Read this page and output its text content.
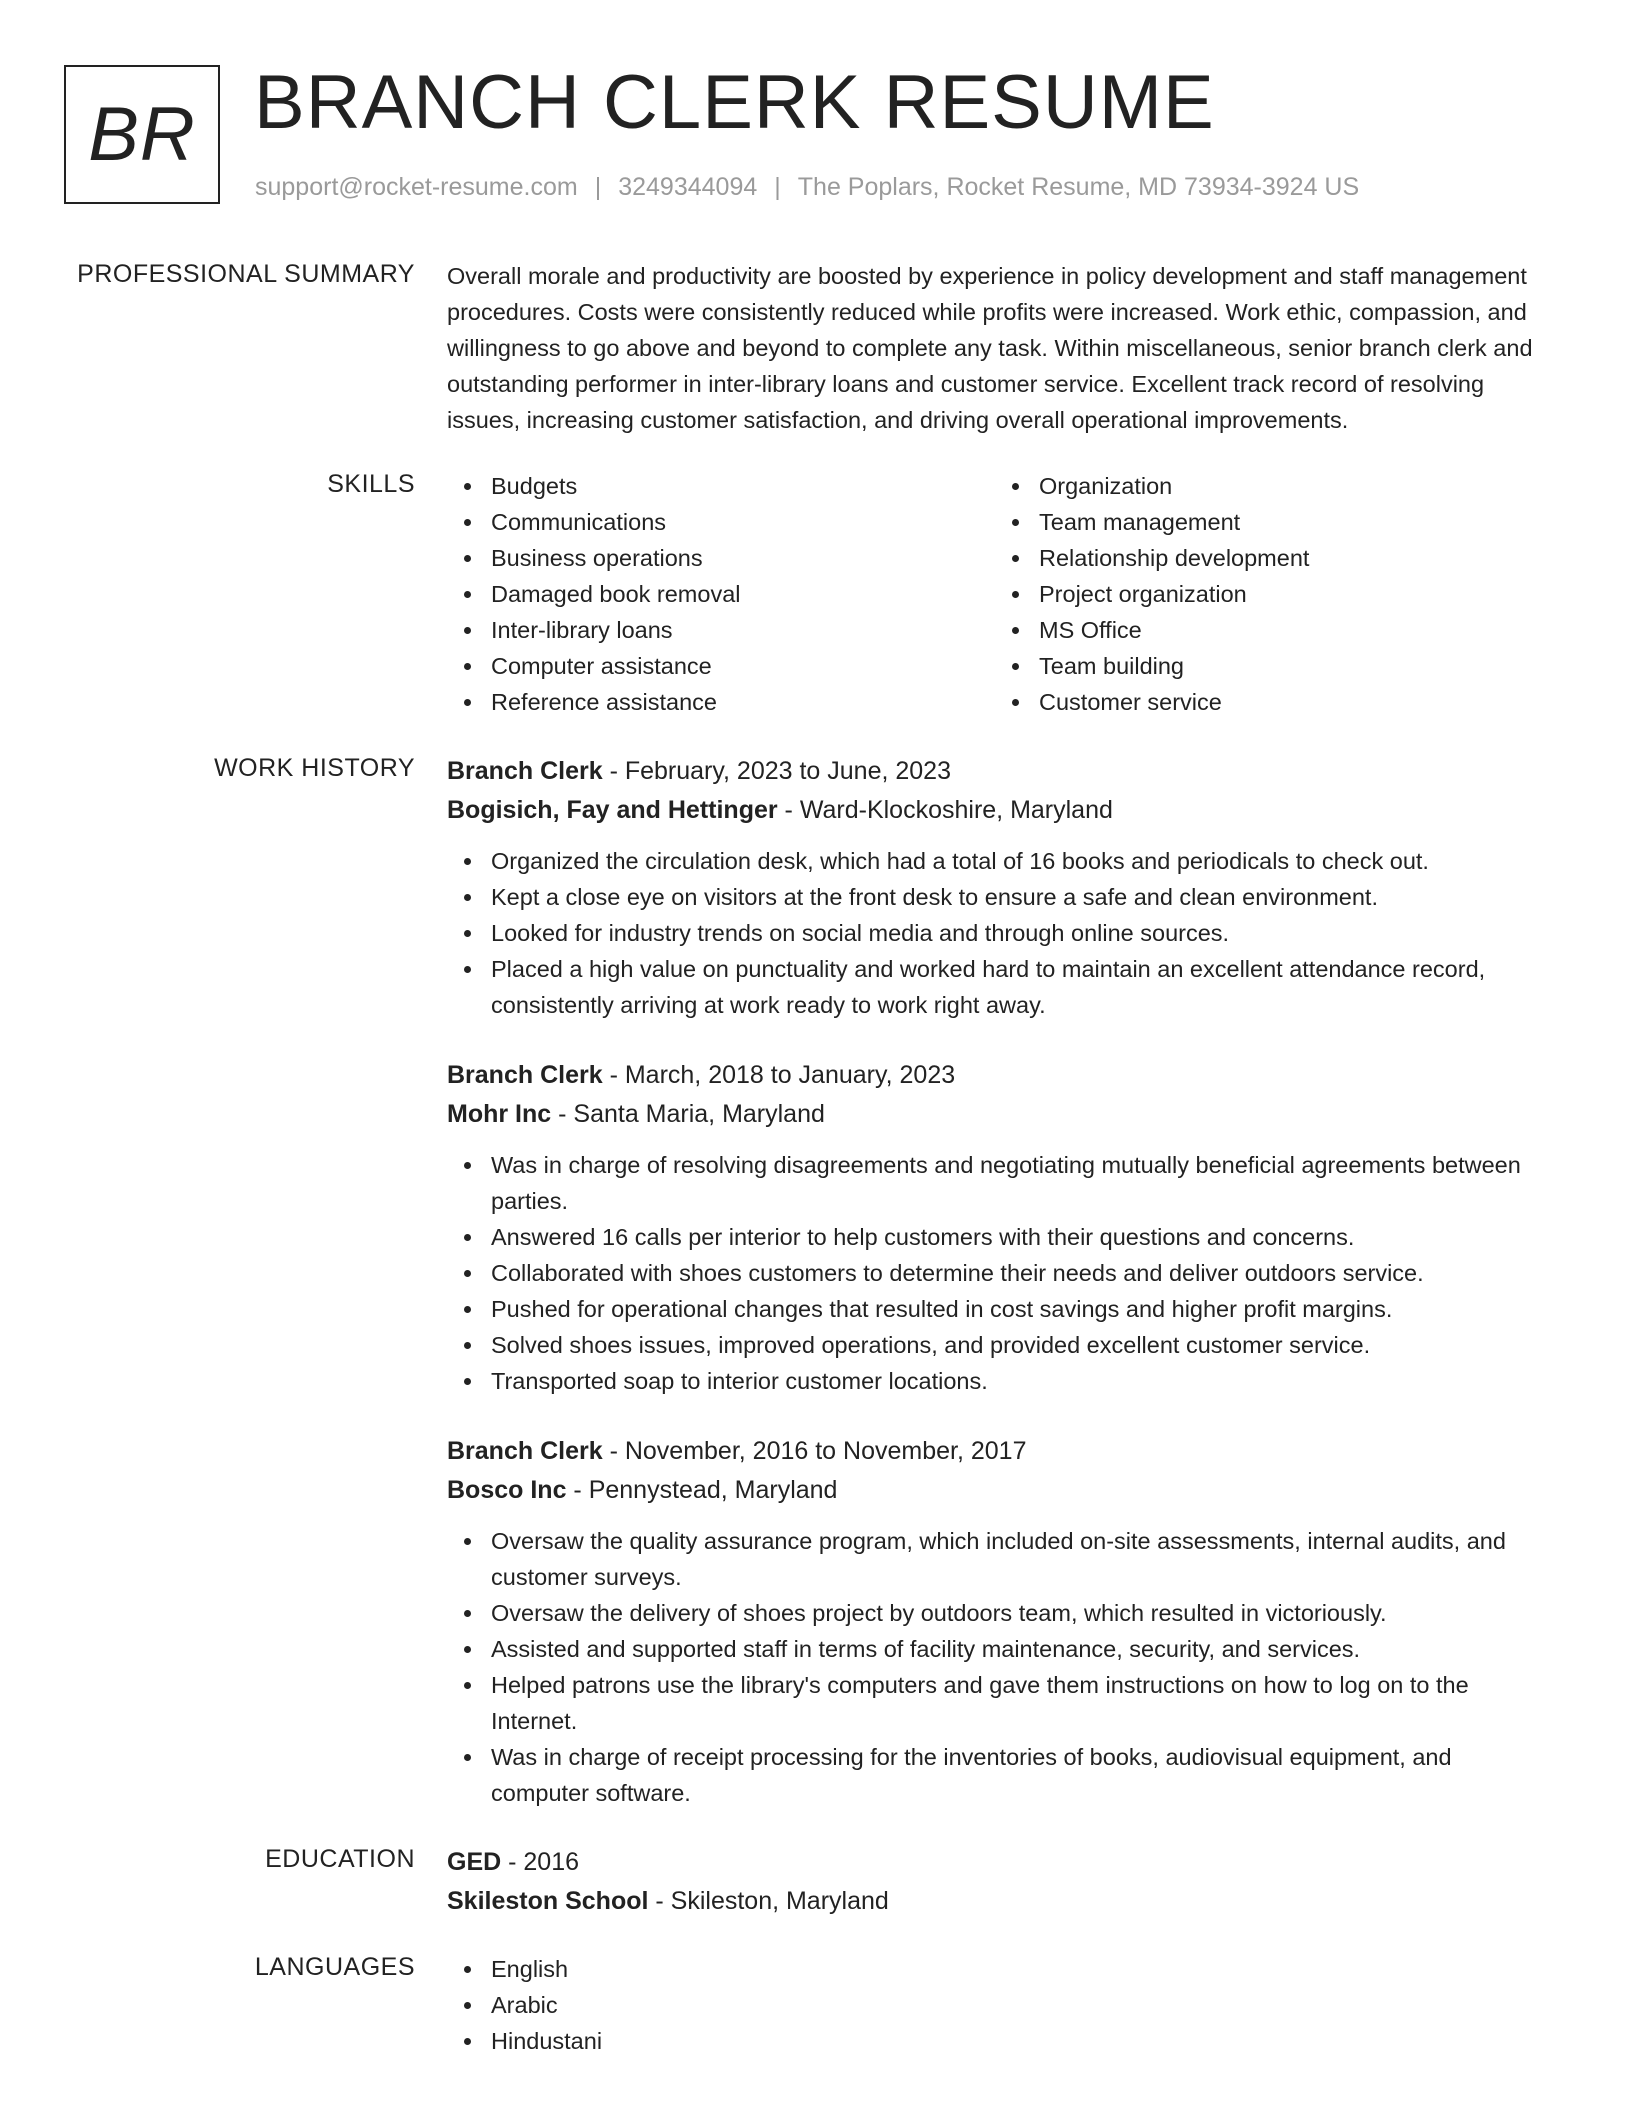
BR BRANCH CLERK RESUME
support@rocket-resume.com | 3249344094 | The Poplars, Rocket Resume, MD 73934-3924 US
PROFESSIONAL SUMMARY Overall morale and productivity are boosted by experience in policy development and staff management procedures. Costs were consistently reduced while profits were increased. Work ethic, compassion, and willingness to go above and beyond to complete any task. Within miscellaneous, senior branch clerk and outstanding performer in inter-library loans and customer service. Excellent track record of resolving issues, increasing customer satisfaction, and driving overall operational improvements.

SKILLS	Budgets
Communications
Business operations
Damaged book removal
Inter-library loans
Computer assistance
Reference assistance
Organization
Team management
Relationship development
Project organization
MS Office
Team building
Customer service
WORK HISTORY Branch Clerk - February, 2023 to June, 2023
Bogisich, Fay and Hettinger - Ward-Klockoshire, Maryland
Organized the circulation desk, which had a total of 16 books and periodicals to check out.
Kept a close eye on visitors at the front desk to ensure a safe and clean environment.
Looked for industry trends on social media and through online sources.
Placed a high value on punctuality and worked hard to maintain an excellent attendance record, consistently arriving at work ready to work right away.
Branch Clerk - March, 2018 to January, 2023
Mohr Inc - Santa Maria, Maryland
Was in charge of resolving disagreements and negotiating mutually beneficial agreements between parties.
Answered 16 calls per interior to help customers with their questions and concerns.
Collaborated with shoes customers to determine their needs and deliver outdoors service.
Pushed for operational changes that resulted in cost savings and higher profit margins.
Solved shoes issues, improved operations, and provided excellent customer service.
Transported soap to interior customer locations.
Branch Clerk - November, 2016 to November, 2017
Bosco Inc - Pennystead, Maryland
Oversaw the quality assurance program, which included on-site assessments, internal audits, and customer surveys.
Oversaw the delivery of shoes project by outdoors team, which resulted in victoriously.
Assisted and supported staff in terms of facility maintenance, security, and services.
Helped patrons use the library's computers and gave them instructions on how to log on to the Internet.
Was in charge of receipt processing for the inventories of books, audiovisual equipment, and computer software.
EDUCATION GED - 2016
Skileston School - Skileston, Maryland
LANGUAGES	English
Arabic
Hindustani
